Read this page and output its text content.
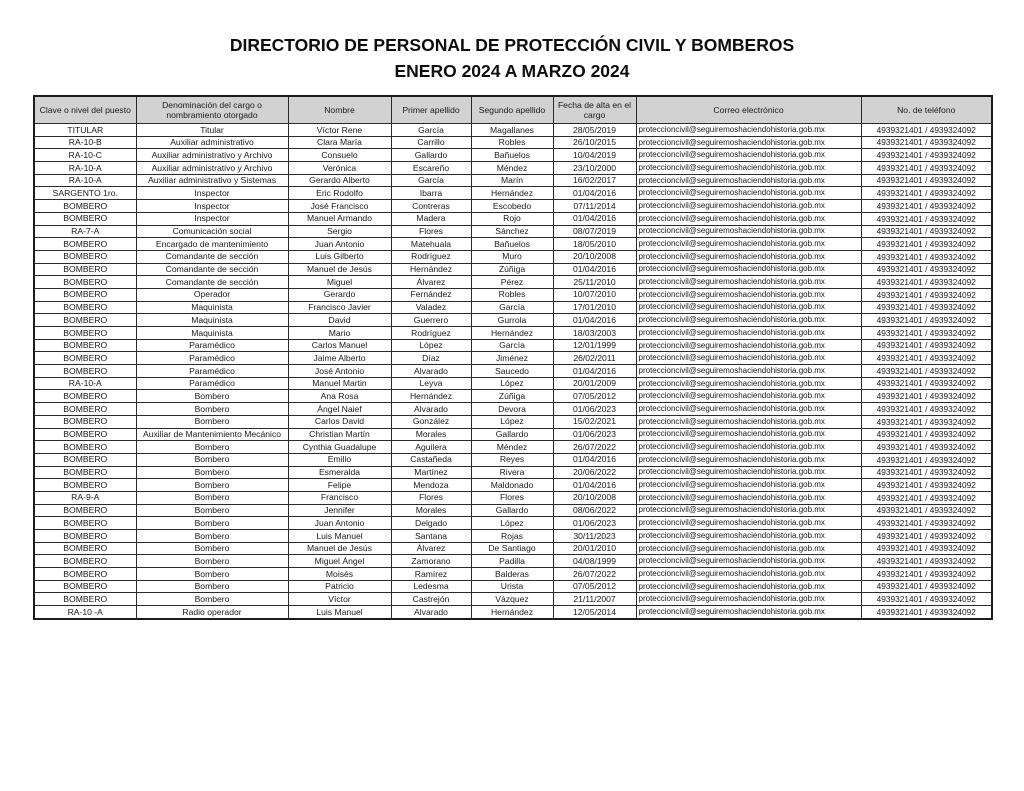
DIRECTORIO DE PERSONAL DE PROTECCIÓN CIVIL Y BOMBEROS
ENERO 2024 A MARZO 2024
Clave o nivel del puesto	Denominación del cargo o nombramiento otorgado	Nombre	Primer apellido	Segundo apellido	Fecha de alta en el cargo	Correo electrónico	No. de teléfono
TITULAR	Titular	Víctor Rene	García	Magallanes	28/05/2019	proteccioncivil@seguiremoshaciendohistoria.gob.mx	4939321401 / 4939324092
RA-10-B	Auxiliar administrativo	Clara María	Carrillo	Robles	26/10/2015	proteccioncivil@seguiremoshaciendohistoria.gob.mx	4939321401 / 4939324092
RA-10-C	Auxiliar administrativo y Archivo	Consuelo	Gallardo	Bañuelos	10/04/2019	proteccioncivil@seguiremoshaciendohistoria.gob.mx	4939321401 / 4939324092
RA-10-A	Auxiliar administrativo y Archivo	Verónica	Escareño	Méndez	23/10/2000	proteccioncivil@seguiremoshaciendohistoria.gob.mx	4939321401 / 4939324092
RA-10-A	Auxiliar administrativo y Sistemas	Gerardo Alberto	García	Marín	16/02/2017	proteccioncivil@seguiremoshaciendohistoria.gob.mx	4939321401 / 4939324092
SARGENTO 1ro.	Inspector	Eric Rodolfo	Ibarra	Hernández	01/04/2016	proteccioncivil@seguiremoshaciendohistoria.gob.mx	4939321401 / 4939324092
BOMBERO	Inspector	José Francisco	Contreras	Escobedo	07/11/2014	proteccioncivil@seguiremoshaciendohistoria.gob.mx	4939321401 / 4939324092
BOMBERO	Inspector	Manuel Armando	Madera	Rojo	01/04/2016	proteccioncivil@seguiremoshaciendohistoria.gob.mx	4939321401 / 4939324092
RA-7-A	Comunicación social	Sergio	Flores	Sánchez	08/07/2019	proteccioncivil@seguiremoshaciendohistoria.gob.mx	4939321401 / 4939324092
BOMBERO	Encargado de mantenimiento	Juan Antonio	Matehuala	Bañuelos	18/05/2010	proteccioncivil@seguiremoshaciendohistoria.gob.mx	4939321401 / 4939324092
BOMBERO	Comandante de sección	Luis Gilberto	Rodríguez	Muro	20/10/2008	proteccioncivil@seguiremoshaciendohistoria.gob.mx	4939321401 / 4939324092
BOMBERO	Comandante de sección	Manuel de Jesús	Hernández	Zúñiga	01/04/2016	proteccioncivil@seguiremoshaciendohistoria.gob.mx	4939321401 / 4939324092
BOMBERO	Comandante de sección	Miguel	Álvarez	Pérez	25/11/2010	proteccioncivil@seguiremoshaciendohistoria.gob.mx	4939321401 / 4939324092
BOMBERO	Operador	Gerardo	Fernández	Robles	10/07/2010	proteccioncivil@seguiremoshaciendohistoria.gob.mx	4939321401 / 4939324092
BOMBERO	Maquinista	Francisco Javier	Valadez	García	17/01/2010	proteccioncivil@seguiremoshaciendohistoria.gob.mx	4939321401 / 4939324092
BOMBERO	Maquinista	David	Guerrero	Gurrola	01/04/2016	proteccioncivil@seguiremoshaciendohistoria.gob.mx	4939321401 / 4939324092
BOMBERO	Maquinista	Mario	Rodríguez	Hernández	18/03/2003	proteccioncivil@seguiremoshaciendohistoria.gob.mx	4939321401 / 4939324092
BOMBERO	Paramédico	Carlos Manuel	López	García	12/01/1999	proteccioncivil@seguiremoshaciendohistoria.gob.mx	4939321401 / 4939324092
BOMBERO	Paramédico	Jaime Alberto	Díaz	Jiménez	26/02/2011	proteccioncivil@seguiremoshaciendohistoria.gob.mx	4939321401 / 4939324092
BOMBERO	Paramédico	José Antonio	Alvarado	Saucedo	01/04/2016	proteccioncivil@seguiremoshaciendohistoria.gob.mx	4939321401 / 4939324092
RA-10-A	Paramédico	Manuel Martin	Leyva	López	20/01/2009	proteccioncivil@seguiremoshaciendohistoria.gob.mx	4939321401 / 4939324092
BOMBERO	Bombero	Ana Rosa	Hernández	Zúñiga	07/05/2012	proteccioncivil@seguiremoshaciendohistoria.gob.mx	4939321401 / 4939324092
BOMBERO	Bombero	Ángel Naief	Alvarado	Devora	01/06/2023	proteccioncivil@seguiremoshaciendohistoria.gob.mx	4939321401 / 4939324092
BOMBERO	Bombero	Carlos David	González	López	15/02/2021	proteccioncivil@seguiremoshaciendohistoria.gob.mx	4939321401 / 4939324092
BOMBERO	Auxiliar de Mantenimiento Mecánico	Christian Martín	Morales	Gallardo	01/06/2023	proteccioncivil@seguiremoshaciendohistoria.gob.mx	4939321401 / 4939324092
BOMBERO	Bombero	Cynthia Guadalupe	Aguilera	Méndez	26/07/2022	proteccioncivil@seguiremoshaciendohistoria.gob.mx	4939321401 / 4939324092
BOMBERO	Bombero	Emilio	Castañeda	Reyes	01/04/2016	proteccioncivil@seguiremoshaciendohistoria.gob.mx	4939321401 / 4939324092
BOMBERO	Bombero	Esmeralda	Martínez	Rivera	20/06/2022	proteccioncivil@seguiremoshaciendohistoria.gob.mx	4939321401 / 4939324092
BOMBERO	Bombero	Felipe	Mendoza	Maldonado	01/04/2016	proteccioncivil@seguiremoshaciendohistoria.gob.mx	4939321401 / 4939324092
RA-9-A	Bombero	Francisco	Flores	Flores	20/10/2008	proteccioncivil@seguiremoshaciendohistoria.gob.mx	4939321401 / 4939324092
BOMBERO	Bombero	Jennifer	Morales	Gallardo	08/06/2022	proteccioncivil@seguiremoshaciendohistoria.gob.mx	4939321401 / 4939324092
BOMBERO	Bombero	Juan Antonio	Delgado	López	01/06/2023	proteccioncivil@seguiremoshaciendohistoria.gob.mx	4939321401 / 4939324092
BOMBERO	Bombero	Luis Manuel	Santana	Rojas	30/11/2023	proteccioncivil@seguiremoshaciendohistoria.gob.mx	4939321401 / 4939324092
BOMBERO	Bombero	Manuel de Jesús	Álvarez	De Santiago	20/01/2010	proteccioncivil@seguiremoshaciendohistoria.gob.mx	4939321401 / 4939324092
BOMBERO	Bombero	Miguel Ángel	Zamorano	Padilla	04/08/1999	proteccioncivil@seguiremoshaciendohistoria.gob.mx	4939321401 / 4939324092
BOMBERO	Bombero	Moisés	Ramírez	Balderas	26/07/2022	proteccioncivil@seguiremoshaciendohistoria.gob.mx	4939321401 / 4939324092
BOMBERO	Bombero	Patricio	Ledesma	Urista	07/05/2012	proteccioncivil@seguiremoshaciendohistoria.gob.mx	4939321401 / 4939324092
BOMBERO	Bombero	Víctor	Castrejón	Vázquez	21/11/2007	proteccioncivil@seguiremoshaciendohistoria.gob.mx	4939321401 / 4939324092
RA-10 -A	Radio operador	Luis Manuel	Alvarado	Hernández	12/05/2014	proteccioncivil@seguiremoshaciendohistoria.gob.mx	4939321401 / 4939324092
